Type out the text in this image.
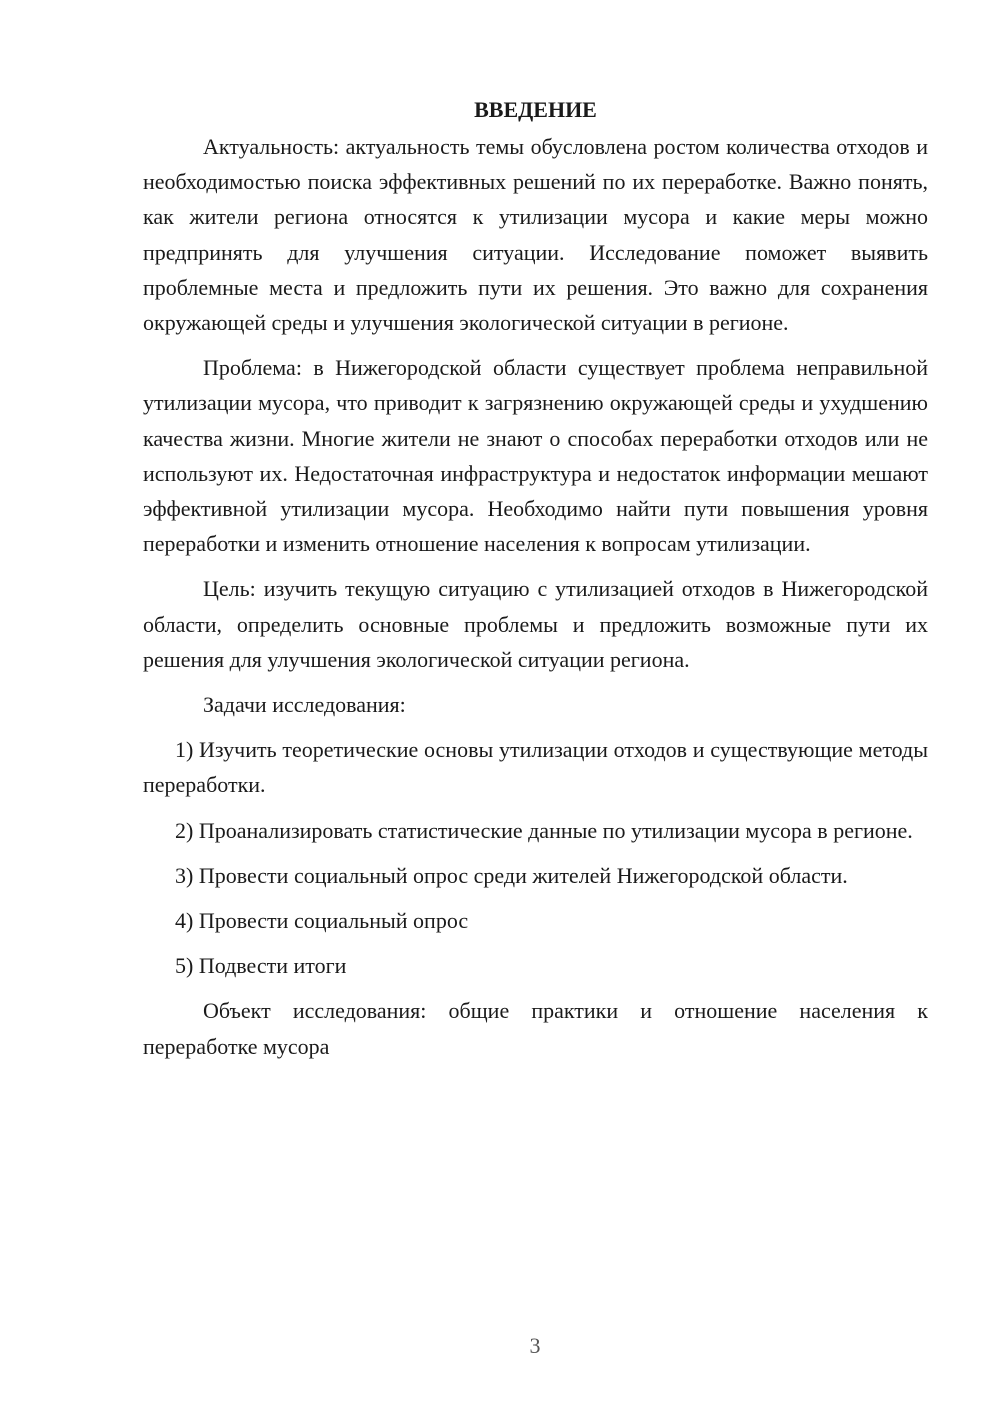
ВВЕДЕНИЕ

Актуальность: актуальность темы обусловлена ростом количества отходов и необходимостью поиска эффективных решений по их переработке. Важно понять, как жители региона относятся к утилизации мусора и какие меры можно предпринять для улучшения ситуации. Исследование поможет выявить проблемные места и предложить пути их решения. Это важно для сохранения окружающей среды и улучшения экологической ситуации в регионе.

Проблема: в Нижегородской области существует проблема неправильной утилизации мусора, что приводит к загрязнению окружающей среды и ухудшению качества жизни. Многие жители не знают о способах переработки отходов или не используют их. Недостаточная инфраструктура и недостаток информации мешают эффективной утилизации мусора. Необходимо найти пути повышения уровня переработки и изменить отношение населения к вопросам утилизации.

Цель: изучить текущую ситуацию с утилизацией отходов в Нижегородской области, определить основные проблемы и предложить возможные пути их решения для улучшения экологической ситуации региона.

Задачи исследования:

1) Изучить теоретические основы утилизации отходов и существующие методы переработки.

2) Проанализировать статистические данные по утилизации мусора в регионе.

3) Провести социальный опрос среди жителей Нижегородской области.

4) Провести социальный опрос

5) Подвести итоги

Объект исследования: общие практики и отношение населения к переработке мусора

3
